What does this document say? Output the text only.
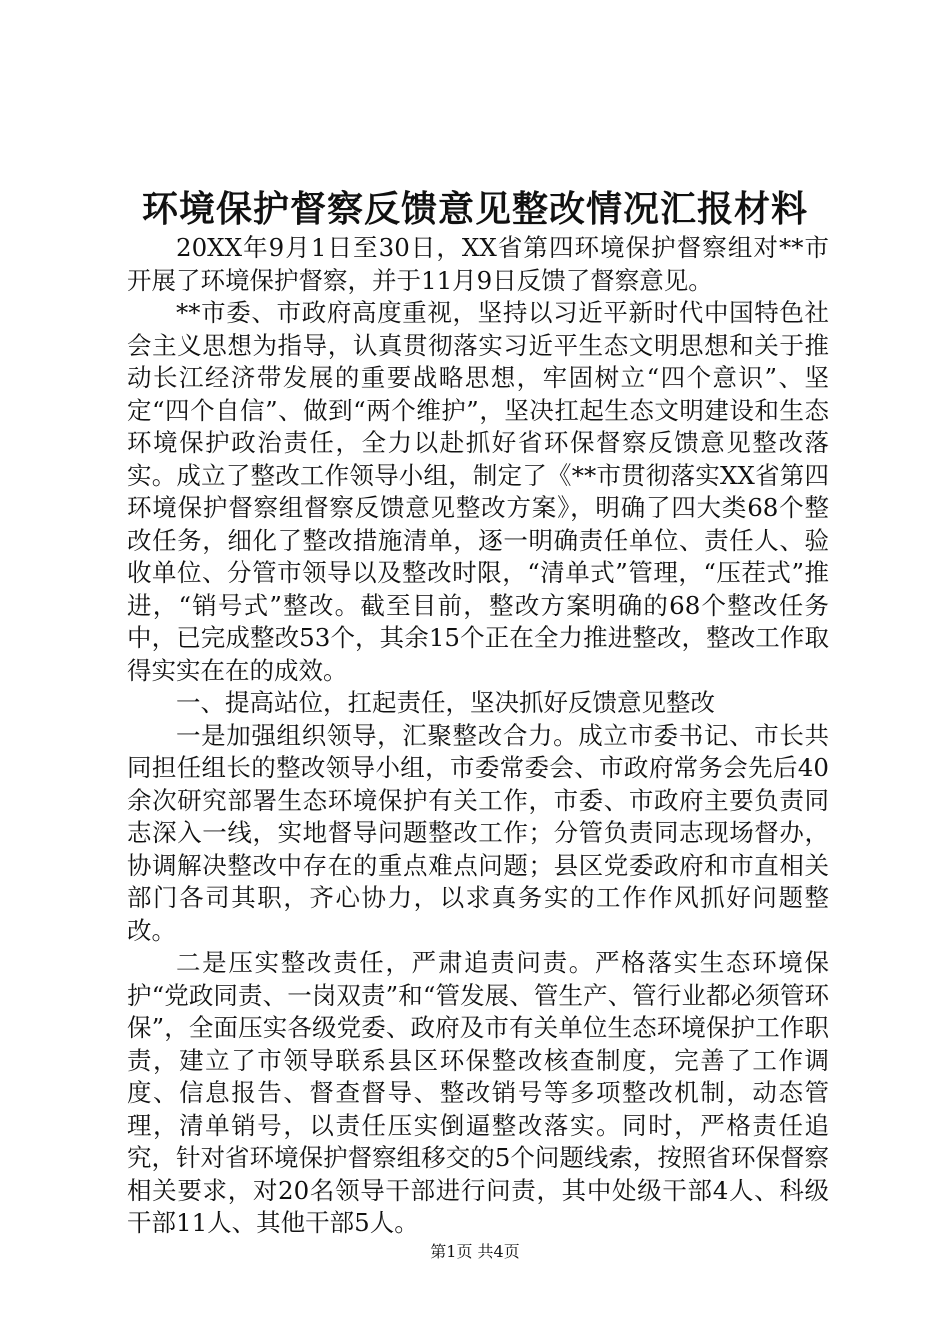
环境保护督察反馈意见整改情况汇报材料

20XX年9月1日至30日，XX省第四环境保护督察组对**市开展了环境保护督察，并于11月9日反馈了督察意见。

**市委、市政府高度重视，坚持以习近平新时代中国特色社会主义思想为指导，认真贯彻落实习近平生态文明思想和关于推动长江经济带发展的重要战略思想，牢固树立“四个意识”、坚定“四个自信”、做到“两个维护”，坚决扛起生态文明建设和生态环境保护政治责任，全力以赴抓好省环保督察反馈意见整改落实。成立了整改工作领导小组，制定了《**市贯彻落实XX省第四环境保护督察组督察反馈意见整改方案》，明确了四大类68个整改任务，细化了整改措施清单，逐一明确责任单位、责任人、验收单位、分管市领导以及整改时限，“清单式”管理，“压茬式”推进，“销号式”整改。截至目前，整改方案明确的68个整改任务中，已完成整改53个，其余15个正在全力推进整改，整改工作取得实实在在的成效。

一、提高站位，扛起责任，坚决抓好反馈意见整改

一是加强组织领导，汇聚整改合力。成立市委书记、市长共同担任组长的整改领导小组，市委常委会、市政府常务会先后40余次研究部署生态环境保护有关工作，市委、市政府主要负责同志深入一线，实地督导问题整改工作；分管负责同志现场督办，协调解决整改中存在的重点难点问题；县区党委政府和市直相关部门各司其职，齐心协力，以求真务实的工作作风抓好问题整改。

二是压实整改责任，严肃追责问责。严格落实生态环境保护“党政同责、一岗双责”和“管发展、管生产、管行业都必须管环保”，全面压实各级党委、政府及市有关单位生态环境保护工作职责，建立了市领导联系县区环保整改核查制度，完善了工作调度、信息报告、督查督导、整改销号等多项整改机制，动态管理，清单销号，以责任压实倒逼整改落实。同时，严格责任追究，针对省环境保护督察组移交的5个问题线索，按照省环保督察相关要求，对20名领导干部进行问责，其中处级干部4人、科级干部11人、其他干部5人。

第1页 共4页
